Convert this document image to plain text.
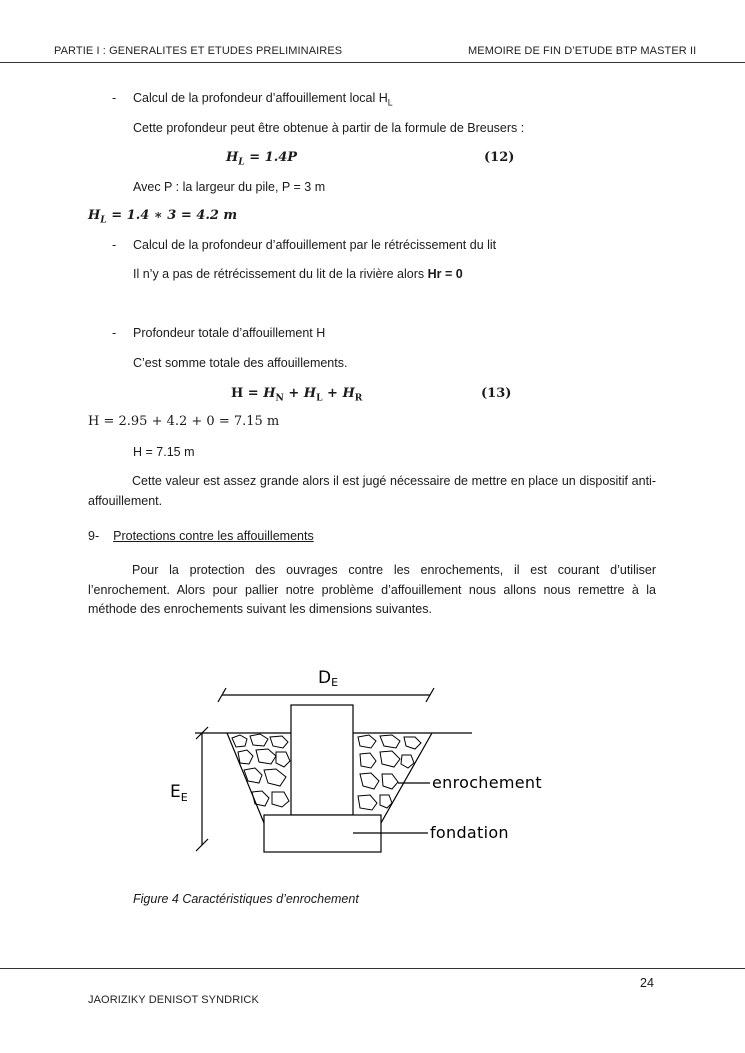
PARTIE I : GENERALITES ET ETUDES PRELIMINAIRES	MEMOIRE DE FIN D’ETUDE BTP MASTER II
- Calcul de la profondeur d’affouillement local $H_L$
Cette profondeur peut être obtenue à partir de la formule de Breusers :
$H_L = 1.4P$	(12)
Avec P : la largeur du pile, P = 3 m
$H_L = 1.4$ ∗ 3 = 4.2 m
- Calcul de la profondeur d’affouillement par le rétrécissement du lit
Il n’y a pas de rétrécissement du lit de la rivière alors Hr = 0
- Profondeur totale d’affouillement H
C’est somme totale des affouillements.
$H = H_N + H_L + H_R$	(13)
H = 2.95 + 4.2 + 0 = 7.15 m
H = 7.15 m

Cette valeur est assez grande alors il est jugé nécessaire de mettre en place un dispositif anti-affouillement.

9- Protections contre les affouillements

Pour la protection des ouvrages contre les enrochements, il est courant d’utiliser l’enrochement. Alors pour pallier notre problème d’affouillement nous allons nous remettre à la méthode des enrochements suivant les dimensions suivantes.

DE
$E_E$
enrochement
fondation
Figure 4 Caractéristiques d’enrochement
24
JAORIZIKY DENISOT SYNDRICK
